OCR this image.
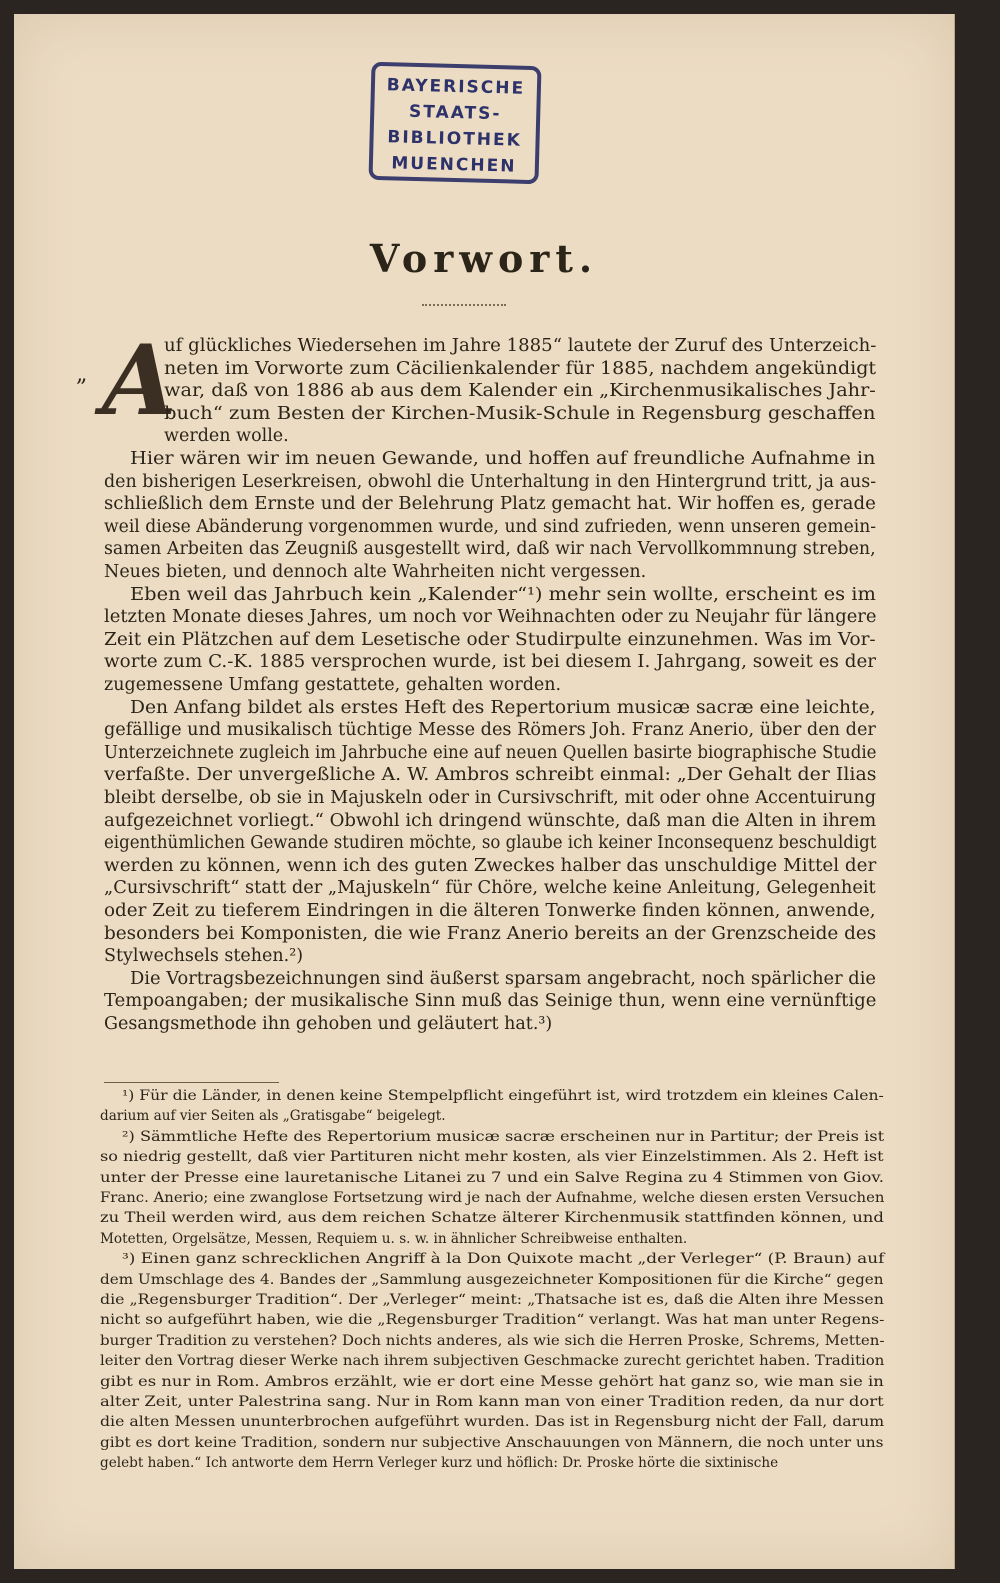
BAYERISCHE
STAATS-
BIBLIOTHEK
MUENCHEN
Vorwort.
„ A
uf glückliches Wiedersehen im Jahre 1885“ lautete der Zuruf des Unterzeich-
neten im Vorworte zum Cäcilienkalender für 1885, nachdem angekündigt
war, daß von 1886 ab aus dem Kalender ein „Kirchenmusikalisches Jahr-
buch“ zum Besten der Kirchen-Musik-Schule in Regensburg geschaffen
werden wolle.
Hier wären wir im neuen Gewande, und hoffen auf freundliche Aufnahme in
den bisherigen Leserkreisen, obwohl die Unterhaltung in den Hintergrund tritt, ja aus-
schließlich dem Ernste und der Belehrung Platz gemacht hat. Wir hoffen es, gerade
weil diese Abänderung vorgenommen wurde, und sind zufrieden, wenn unseren gemein-
samen Arbeiten das Zeugniß ausgestellt wird, daß wir nach Vervollkommnung streben,
Neues bieten, und dennoch alte Wahrheiten nicht vergessen.
Eben weil das Jahrbuch kein „Kalender“¹) mehr sein wollte, erscheint es im
letzten Monate dieses Jahres, um noch vor Weihnachten oder zu Neujahr für längere
Zeit ein Plätzchen auf dem Lesetische oder Studirpulte einzunehmen. Was im Vor-
worte zum C.-K. 1885 versprochen wurde, ist bei diesem I. Jahrgang, soweit es der
zugemessene Umfang gestattete, gehalten worden.
Den Anfang bildet als erstes Heft des Repertorium musicæ sacræ eine leichte,
gefällige und musikalisch tüchtige Messe des Römers Joh. Franz Anerio, über den der
Unterzeichnete zugleich im Jahrbuche eine auf neuen Quellen basirte biographische Studie
verfaßte. Der unvergeßliche A. W. Ambros schreibt einmal: „Der Gehalt der Ilias
bleibt derselbe, ob sie in Majuskeln oder in Cursivschrift, mit oder ohne Accentuirung
aufgezeichnet vorliegt.“ Obwohl ich dringend wünschte, daß man die Alten in ihrem
eigenthümlichen Gewande studiren möchte, so glaube ich keiner Inconsequenz beschuldigt
werden zu können, wenn ich des guten Zweckes halber das unschuldige Mittel der
„Cursivschrift“ statt der „Majuskeln“ für Chöre, welche keine Anleitung, Gelegenheit
oder Zeit zu tieferem Eindringen in die älteren Tonwerke finden können, anwende,
besonders bei Komponisten, die wie Franz Anerio bereits an der Grenzscheide des
Stylwechsels stehen.²)
Die Vortragsbezeichnungen sind äußerst sparsam angebracht, noch spärlicher die
Tempoangaben; der musikalische Sinn muß das Seinige thun, wenn eine vernünftige
Gesangsmethode ihn gehoben und geläutert hat.³)
¹) Für die Länder, in denen keine Stempelpflicht eingeführt ist, wird trotzdem ein kleines Calen-
darium auf vier Seiten als „Gratisgabe“ beigelegt.
²) Sämmtliche Hefte des Repertorium musicæ sacræ erscheinen nur in Partitur; der Preis ist
so niedrig gestellt, daß vier Partituren nicht mehr kosten, als vier Einzelstimmen. Als 2. Heft ist
unter der Presse eine lauretanische Litanei zu 7 und ein Salve Regina zu 4 Stimmen von Giov.
Franc. Anerio; eine zwanglose Fortsetzung wird je nach der Aufnahme, welche diesen ersten Versuchen
zu Theil werden wird, aus dem reichen Schatze älterer Kirchenmusik stattfinden können, und
Motetten, Orgelsätze, Messen, Requiem u. s. w. in ähnlicher Schreibweise enthalten.
³) Einen ganz schrecklichen Angriff à la Don Quixote macht „der Verleger“ (P. Braun) auf
dem Umschlage des 4. Bandes der „Sammlung ausgezeichneter Kompositionen für die Kirche“ gegen
die „Regensburger Tradition“. Der „Verleger“ meint: „Thatsache ist es, daß die Alten ihre Messen
nicht so aufgeführt haben, wie die „Regensburger Tradition“ verlangt. Was hat man unter Regens-
burger Tradition zu verstehen? Doch nichts anderes, als wie sich die Herren Proske, Schrems, Metten-
leiter den Vortrag dieser Werke nach ihrem subjectiven Geschmacke zurecht gerichtet haben. Tradition
gibt es nur in Rom. Ambros erzählt, wie er dort eine Messe gehört hat ganz so, wie man sie in
alter Zeit, unter Palestrina sang. Nur in Rom kann man von einer Tradition reden, da nur dort
die alten Messen ununterbrochen aufgeführt wurden. Das ist in Regensburg nicht der Fall, darum
gibt es dort keine Tradition, sondern nur subjective Anschauungen von Männern, die noch unter uns
gelebt haben.“ Ich antworte dem Herrn Verleger kurz und höflich: Dr. Proske hörte die sixtinische
